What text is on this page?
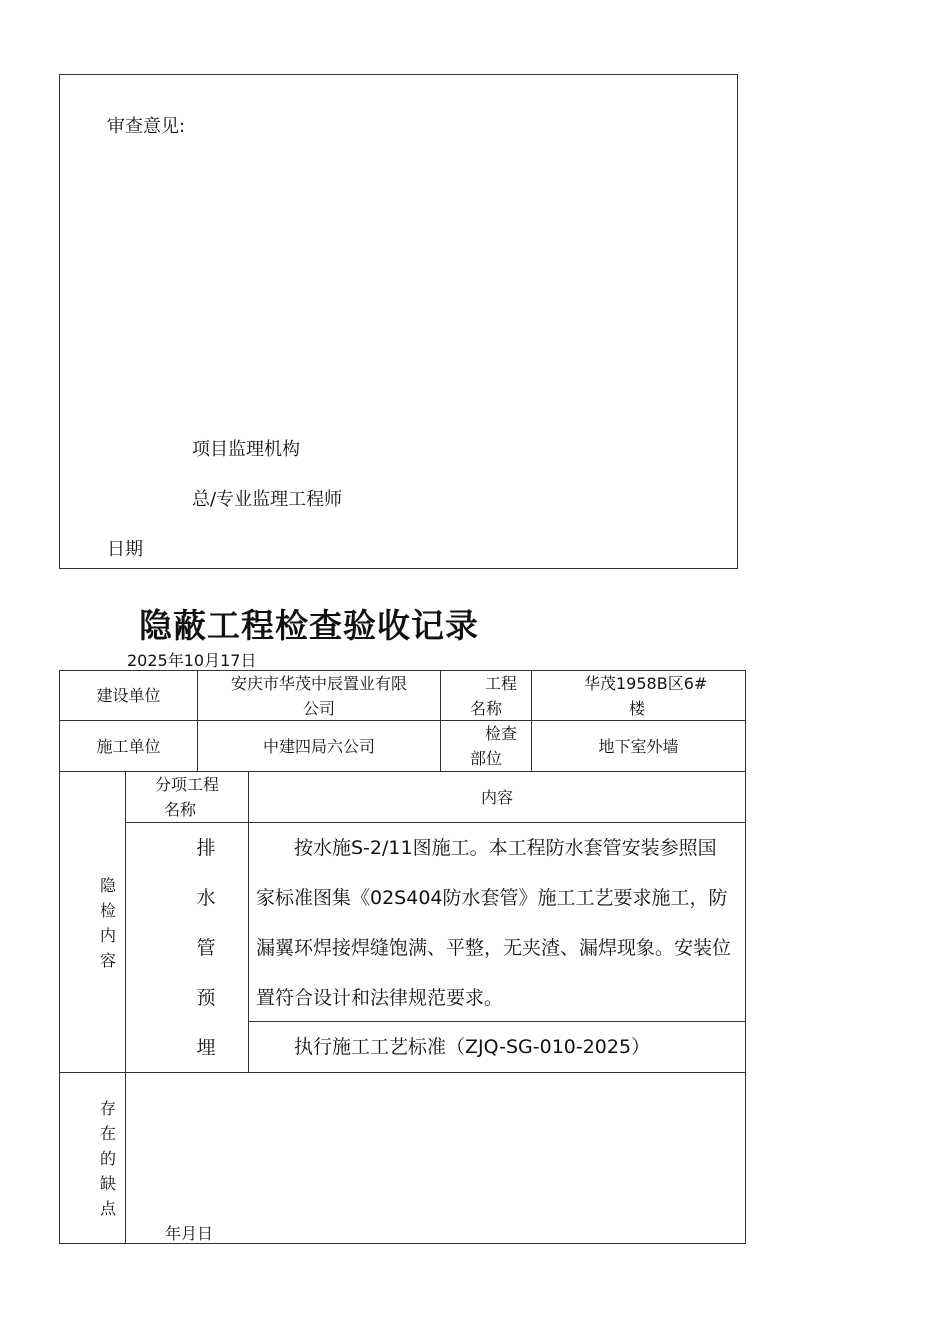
审查意见:
项目监理机构
总/专业监理工程师
日期
隐蔽工程检查验收记录
2025年10月17日
建设单位
安庆市华茂中辰置业有限
公司
工程
名称
华茂1958B区6#
楼
施工单位	中建四局六公司
检查
部位
地下室外墙
隐
检
内
容
分项工程
名称
内容
排
水
管
预
埋
按水施S-2/11图施工。本工程防水套管安装参照国
家标准图集《02S404防水套管》施工工艺要求施工，防
漏翼环焊接焊缝饱满、平整，无夹渣、漏焊现象。安装位
置符合设计和法律规范要求。
执行施工工艺标准（ZJQ-SG-010-2025）
存
在
的
缺
点
年月日
